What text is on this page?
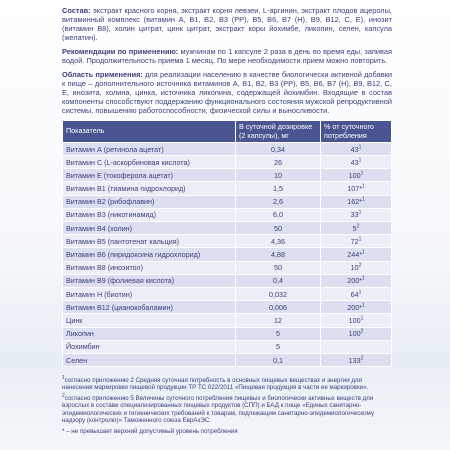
Состав: экстракт красного корня, экстракт корня левзеи, L-аргинин, экстракт плодов ацеролы, витаминный комплекс (витамин А, В1, В2, В3 (РР), В5, В6, В7 (Н), В9, В12, С, Е), инозит (витамин В8), холин цитрат, цинк цитрат, экстракт коры йохимбе, ликопин, селен, капсула (желатин).

Рекомендации по применению: мужчинам по 1 капсуле 2 раза в день во время еды, запивая водой. Продолжительность приема 1 месяц. По мере необходимости прием можно повторить.

Область применения: для реализации населению в качестве биологически активной добавки к пище – дополнительного источника витаминов А, В1, В2, В3 (РР), В5, В6, В7 (Н), В9, В12, С, Е, инозита, холина, цинка, источника ликопина, содержащей йохимбин. Входящие в состав компоненты способствуют поддержанию функционального состояния мужской репродуктивной системы, повышению работоспособности, физической силы и выносливости.

Показатель	В суточной дозировке (2 капсулы), мг	% от суточного потребления
Витамин А (ретинола ацетат)	0,34	$43^1$
Витамин С (L-аскорбиновая кислота)	26	$43^1$
Витамин Е (токоферола ацетат)	10	$100^1$
Витамин В1 (тиамина гидрохлорид)	1,5	107*$^1$
Витамин В2 (рибофлавин)	2,6	162*$^1$
Витамин В3 (никотинамид)	6,0	$33^1$
Витамин В4 (холин)	50	$5^2$
Витамин В5 (пантотенат кальция)	4,36	$72^1$
Витамин В6 (пиридоксина гидрохлорид)	4,88	244*$^1$
Витамин В8 (инозитол)	50	$10^2$
Витамин В9 (фолиевая кислота)	0,4	200*$^1$
Витамин Н (биотин)	0,032	$64^1$
Витамин В12 (цианокобаламин)	0,006	200*$^1$
Цинк	12	$100^1$
Ликопин	5	$100^2$
Йохимбин	5	
Селен	0,1	$133^2$

$^1$согласно приложению 2 Средняя суточная потребность в основных пищевых веществах и энергии для нанесения маркировки пищевой продукции ТР ТС 022/2011 «Пищевая продукция в части ее маркировки».

$^2$согласно приложению 5 Величины суточного потребления пищевых и биологически активных веществ для взрослых в составе специализированных пищевых продуктов (СПП) и БАД к пище «Единых санитарно-эпидемиологических и гигиенических требований к товарам, подлежащим санитарно-эпидемиологическому надзору (контролю)» Таможенного союза ЕврАзЭС.

* – не превышает верхний допустимый уровень потребления
